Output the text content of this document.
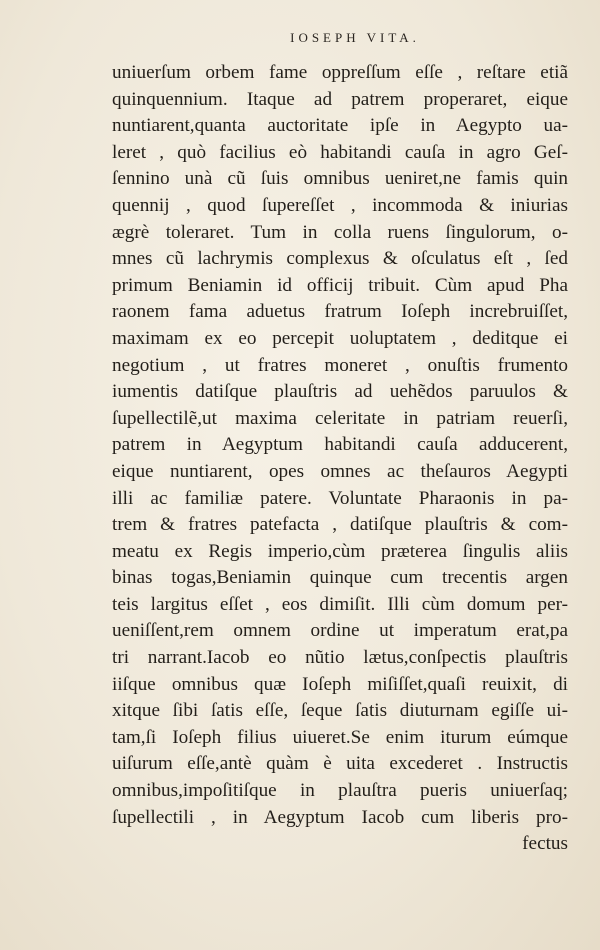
IOSEPH VITA.
uniuerſum orbem fame oppreſſum eſſe , reſtare etiã
quinquennium. Itaque ad patrem properaret, eique
nuntiarent,quanta auctoritate ipſe in Aegypto ua-
leret , quò facilius eò habitandi cauſa in agro Geſ-
ſennino unà cũ ſuis omnibus ueniret,ne famis quin
quennij , quod ſupereſſet , incommoda & iniurias
ægrè toleraret. Tum in colla ruens ſingulorum, o-
mnes cũ lachrymis complexus & oſculatus eſt , ſed
primum Beniamin id officij tribuit. Cùm apud Pha
raonem fama aduetus fratrum Ioſeph increbruiſſet,
maximam ex eo percepit uoluptatem , deditque ei
negotium , ut fratres moneret , onuſtis frumento
iumentis datiſque plauſtris ad uehẽdos paruulos &
ſupellectilẽ,ut maxima celeritate in patriam reuerſi,
patrem in Aegyptum habitandi cauſa adducerent,
eique nuntiarent, opes omnes ac theſauros Aegypti
illi ac familiæ patere. Voluntate Pharaonis in pa-
trem & fratres patefacta , datiſque plauſtris & com-
meatu ex Regis imperio,cùm præterea ſingulis aliis
binas togas,Beniamin quinque cum trecentis argen
teis largitus eſſet , eos dimiſit. Illi cùm domum per-
ueniſſent,rem omnem ordine ut imperatum erat,pa
tri narrant.Iacob eo nũtio lætus,conſpectis plauſtris
iiſque omnibus quæ Ioſeph miſiſſet,quaſi reuixit, di
xitque ſibi ſatis eſſe, ſeque ſatis diuturnam egiſſe ui-
tam,ſi Ioſeph filius uiueret.Se enim iturum eúmque
uiſurum eſſe,antè quàm è uita excederet . Instructis
omnibus,impoſitiſque in plauſtra pueris uniuerſaq;
ſupellectili , in Aegyptum Iacob cum liberis pro-
fectus
